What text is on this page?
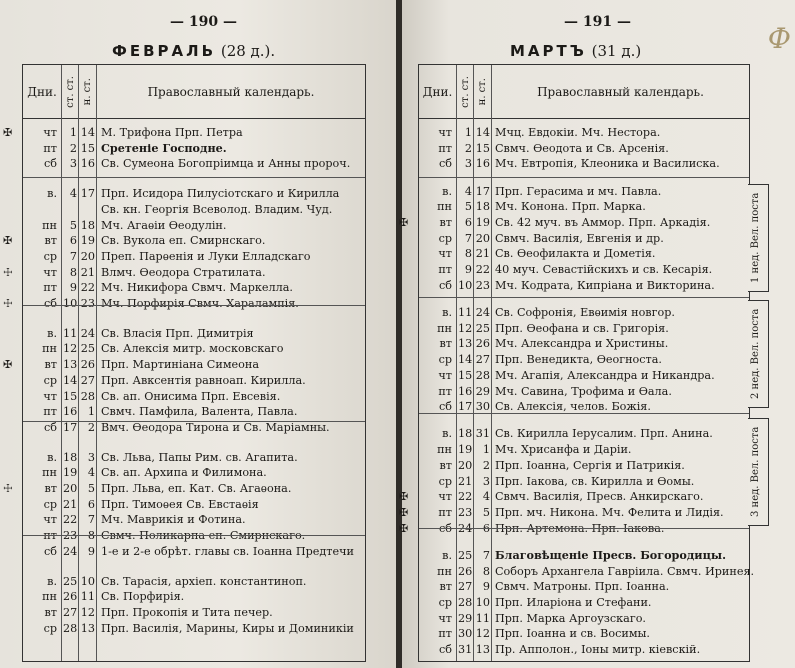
— 190 —
ФЕВРАЛЬ (28 д.).
Дни. ст. ст. н. ст.	Православный календарь.
✠	чт	1 14 М. Трифона Прп. Петра
пт	2 15 Сретеніе Господне.
сб	3 16 Св. Сумеона Богопріимца и Анны пророч.
в.	4 17 Прп. Исидора Пилусіотскаго и Кирилла
Св. кн. Георгія Всеволод. Владим. Чуд.
пн	5 18 Мч. Агаѳіи Ѳеодулін.
✠	вт	6 19 Св. Вукола еп. Смирнскаго.
ср	7 20 Преп. Парѳенія и Луки Елладскаго
☩	чт	8 21 Влмч. Ѳеодора Стратилата.
пт	9 22 Мч. Никифора Свмч. Маркелла.
☩	сб 10 23 Мч. Порфирія Свмч. Харалампія.
в. 11 24 Св. Власія Прп. Димитрія
пн 12 25 Св. Алексія митр. московскаго
✠	вт 13 26 Прп. Мартиніана Симеона
ср 14 27 Прп. Авксентія равноап. Кирилла.
чт 15 28 Св. ап. Онисима Прп. Евсевія.
пт 16 1 Свмч. Памфила, Валента, Павла.
сб 17 2 Вмч. Ѳеодора Тирона и Св. Маріамны.
в. 18 3 Св. Льва, Папы Рим. св. Агапита.
пн 19 4 Св. ап. Архипа и Филимона.
☩	вт 20 5 Прп. Льва, еп. Кат. Св. Агаѳона.
ср 21 6 Прп. Тимоѳея Св. Евстаѳія
чт 22 7 Мч. Маврикія и Фотина.
пт 23 8 Свмч. Поликарпа еп. Смирнскаго.
сб 24 9 1-е и 2-е обрѣт. главы св. Іоанна Предтечи
в. 25 10 Св. Тарасія, архіеп. константиноп.
пн 26 11 Св. Порфирія.
вт 27 12 Прп. Прокопія и Тита печер.
ср 28 13 Прп. Василія, Марины, Киры и Доминикіи
— 191 —
МАРТЪ (31 д.)	Ф
Дни. ст. ст. н. ст.	Православный календарь.
чт	1 14 Мчц. Евдокіи. Мч. Нестора.
пт	2 15 Свмч. Ѳеодота и Св. Арсенія.
сб	3 16 Мч. Евтропія, Клеоника и Василиска.
в.	4 17 Прп. Герасима и мч. Павла.
пн	5 18 Мч. Конона. Прп. Марка.
✠	вт	6 19 Св. 42 муч. въ Аммор. Прп. Аркадія.
ср	7 20 Свмч. Василія, Евгенія и др.
чт	8 21 Св. Ѳеофилакта и Дометія.
пт	9 22 40 муч. Севастійскихъ и св. Кесарія.
сб 10 23 Мч. Кодрата, Кипріана и Викторина.
в. 11 24 Св. Софронія, Евѳимія новгор.
пн 12 25 Прп. Ѳеофана и св. Григорія.
вт 13 26 Мч. Александра и Христины.
ср 14 27 Прп. Венедикта, Ѳеогноста.
чт 15 28 Мч. Агапія, Александра и Никандра.
пт 16 29 Мч. Савина, Трофима и Ѳала.
сб 17 30 Св. Алексія, челов. Божія.
в. 18 31 Св. Кирилла Іерусалим. Прп. Анина.
пн 19 1 Мч. Хрисанфа и Даріи.
вт 20 2 Прп. Іоанна, Сергія и Патрикія.
ср 21 3 Прп. Іакова, св. Кирилла и Ѳомы.
✠	чт 22 4 Свмч. Василія, Пресв. Анкирскаго.
✠	пт 23 5 Прп. мч. Никона. Мч. Фелита и Лидія.
✠	сб 24 6 Прп. Артемона. Прп. Іакова.
в. 25 7 Благовѣщеніе Пресв. Богородицы.
пн 26 8 Соборъ Архангела Гавріила. Свмч. Иринея.
вт 27 9 Свмч. Матроны. Прп. Іоанна.
ср 28 10 Прп. Иларіона и Стефани.
чт 29 11 Прп. Марка Аргоузскаго.
пт 30 12 Прп. Іоанна и св. Восимы.
сб 31 13 Пр. Апполон., Іоны митр. кіевскій.
1 нед. Вел. поста
2 нед. Вел. поста
3 нед. Вел. поста
